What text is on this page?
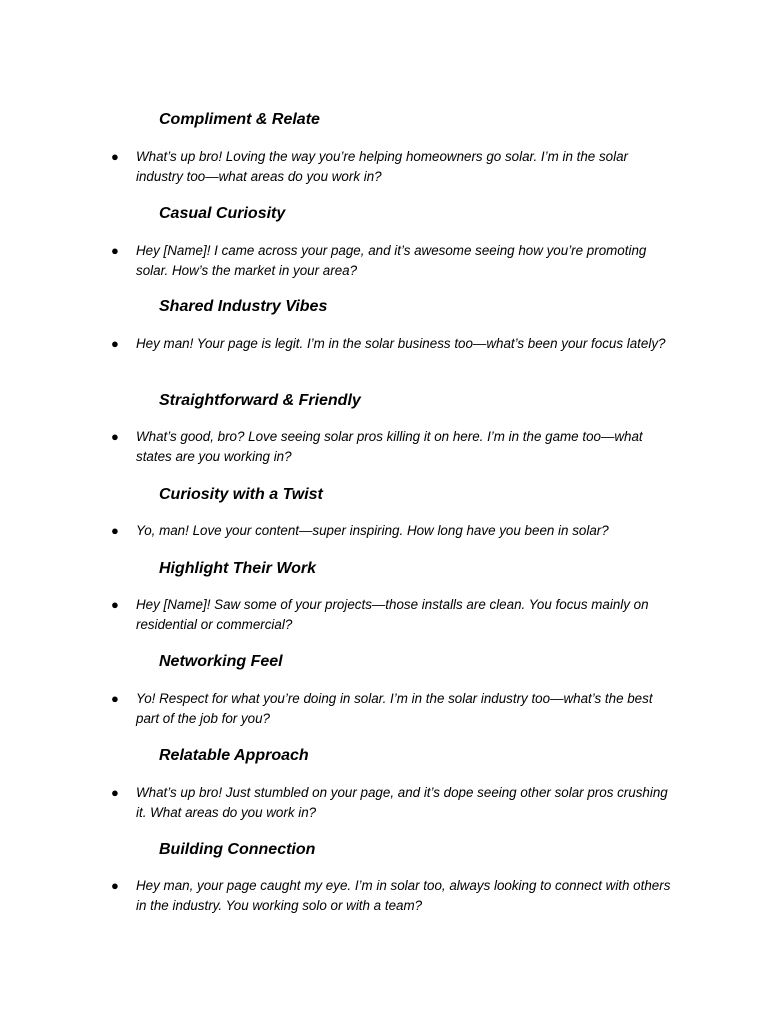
Compliment & Relate
● What’s up bro! Loving the way you’re helping homeowners go solar. I’m in the solar industry too—what areas do you work in?
Casual Curiosity
● Hey [Name]! I came across your page, and it’s awesome seeing how you’re promoting solar. How’s the market in your area?
Shared Industry Vibes
● Hey man! Your page is legit. I’m in the solar business too—what’s been your focus lately?
Straightforward & Friendly
● What’s good, bro? Love seeing solar pros killing it on here. I’m in the game too—what states are you working in?
Curiosity with a Twist
● Yo, man! Love your content—super inspiring. How long have you been in solar?
Highlight Their Work
● Hey [Name]! Saw some of your projects—those installs are clean. You focus mainly on residential or commercial?
Networking Feel
● Yo! Respect for what you’re doing in solar. I’m in the solar industry too—what’s the best part of the job for you?
Relatable Approach
● What’s up bro! Just stumbled on your page, and it’s dope seeing other solar pros crushing it. What areas do you work in?
Building Connection
● Hey man, your page caught my eye. I’m in solar too, always looking to connect with others in the industry. You working solo or with a team?
